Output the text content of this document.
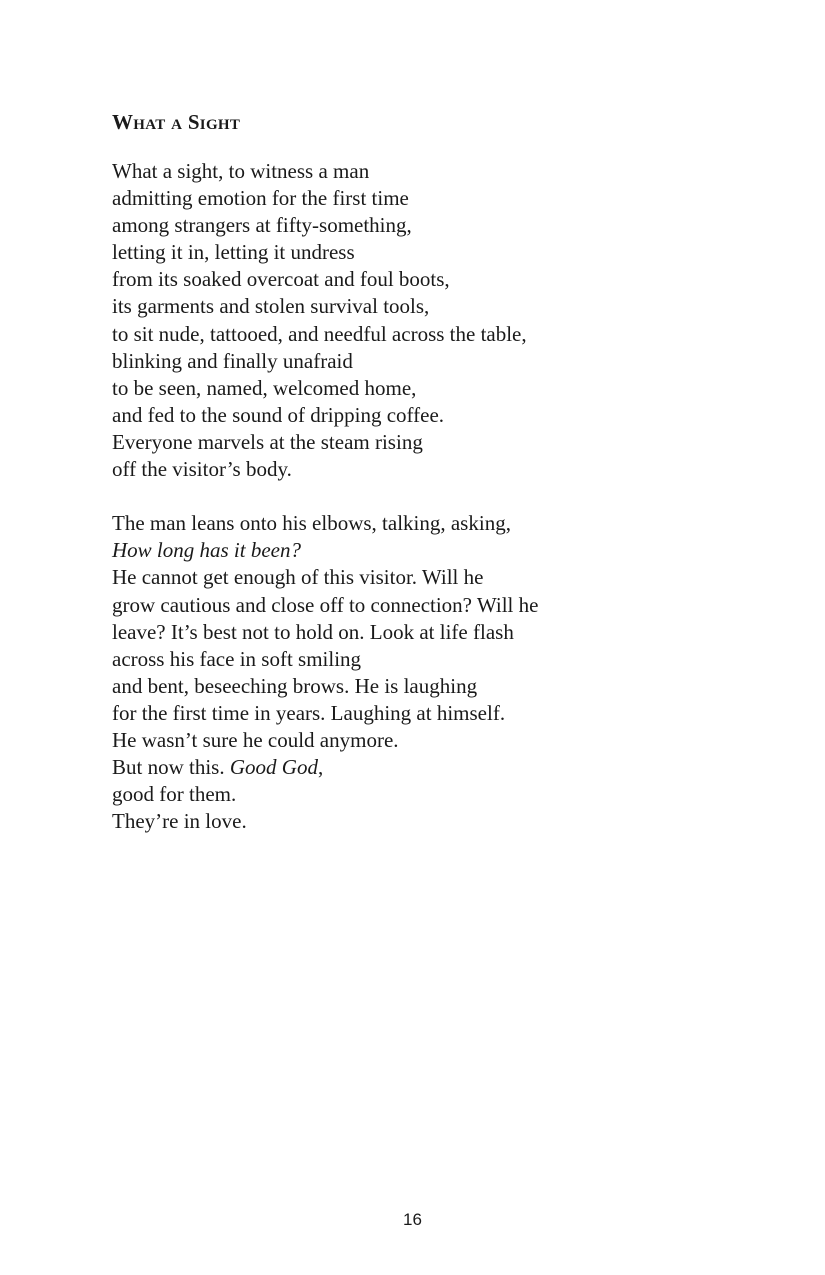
What a Sight
What a sight, to witness a man
admitting emotion for the first time
among strangers at fifty-something,
letting it in, letting it undress
from its soaked overcoat and foul boots,
its garments and stolen survival tools,
to sit nude, tattooed, and needful across the table,
blinking and finally unafraid
to be seen, named, welcomed home,
and fed to the sound of dripping coffee.
Everyone marvels at the steam rising
off the visitor’s body.
The man leans onto his elbows, talking, asking,
How long has it been?
He cannot get enough of this visitor. Will he
grow cautious and close off to connection? Will he
leave? It’s best not to hold on. Look at life flash
across his face in soft smiling
and bent, beseeching brows. He is laughing
for the first time in years. Laughing at himself.
He wasn’t sure he could anymore.
But now this. Good God,
good for them.
They’re in love.
16
